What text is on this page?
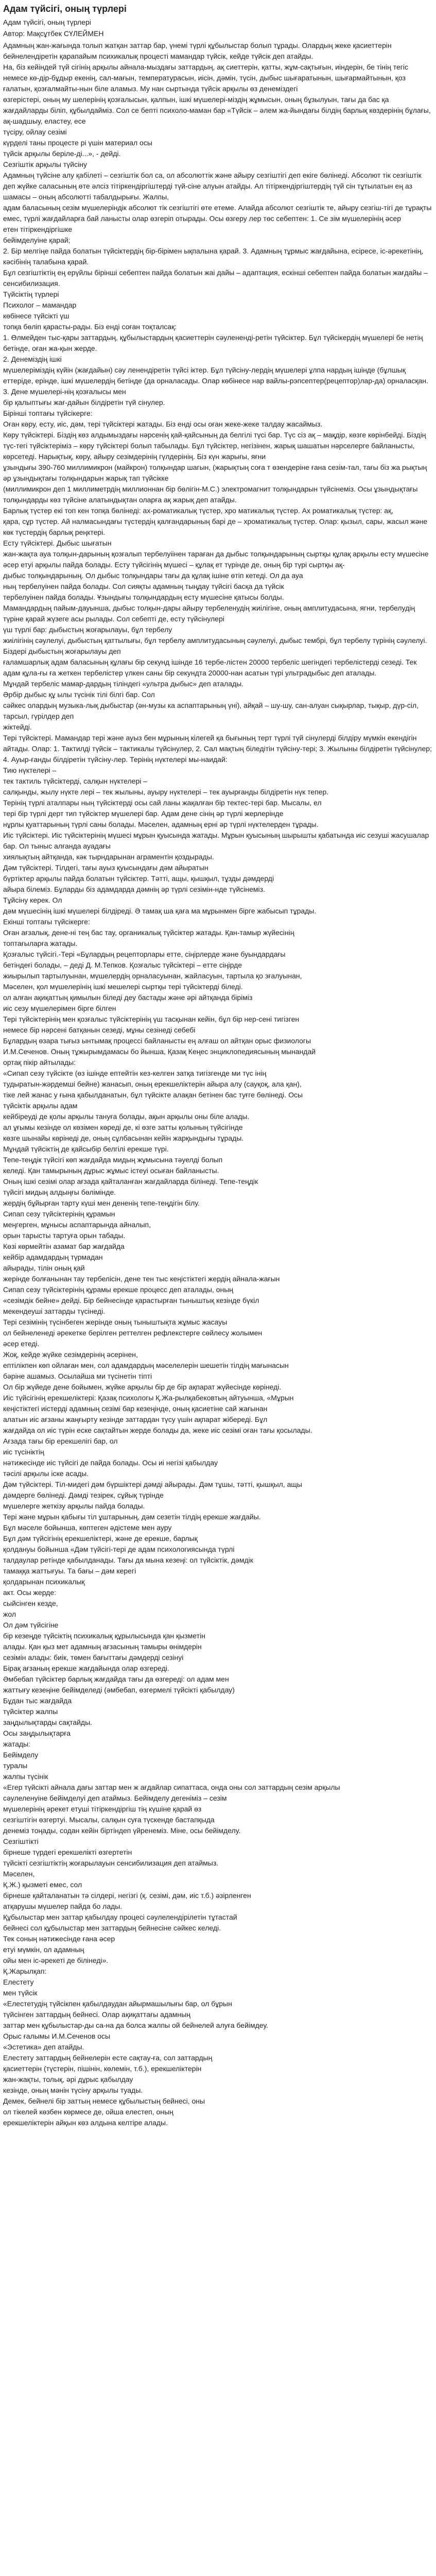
Адам түйсігі, оның түрлері
Адам түйсігі, оның түрлері
Автор: Мақсұтбек СҮЛЕЙМЕН

Адамның жан-жағында толып жатқан заттар бар, үнемі түрлі құбылыстар болып тұрады. Олардың жеке қасиеттерін бейнелендіретін қарапайым психикалық процесті мамандар түйсік, кейде түйсік деп атайды.

На, біз кейіндей түй сігінің арқылы айнала-мыздағы заттардың, ақ сиеттерін, қатты, жұм-сақтығын, иіндерін, бе тінің тегіс немесе кө-дір-бұдыр екенің, сал-мағын, температурасын, иісін, дәмін, түсін, дыбыс шығаратынын, шығармайтынын, қоз ғалатын, қозғалмайты-нын біле аламыз. Му нан сыртында түйсік арқылы өз денеміздегі

өзгерістері, оның му шелерінің қозғалысын, қалпын, ішкі мүшелері-міздің жұмысын, оның бұзылуын, тағы да бас қа жағдайларды біліп, құбылдайміз. Сол се бепті психоло-маман бар «Түйсік – әлем жа-йындағы білдің барлық көздерінің бұлағы, ақ-шадшыу, еластеу, есе

түсіру, ойлау сезімі

күрделі таны процесте рі үшін материал осы

түйсік арқылы берілe-ді...», - дейді.

Сезгіштік арқылы түйсіну

Адамның түйсіне алу қабілеті – сезгіштік бол са, ол абсолюттік және айыру сезгіштігі деп екіге бөлінеді. Абсолют тік сезгіштік деп жүйке саласының өте әлсіз тітіркендіргіштерді түй-сіне алуын атайды. Ал тітіркендіргіштердің түй сін тұтылатын ең аз шамасы – оның абсолютті табалдырығы. Жалпы,

адам баласының сезім мүшелеріндік абсолют тік сезгіштігі өте етеме. Алайда абсолют сезгіштік те, айыру сезгіш-тігі де тұрақты емес, түрлі жағдайларға бай ланысты олар өзгеріп отырады. Осы өзгеру лер төс себептен: 1. Се зім мүшелерінің әсер

етен тітіркендіргішке

бейімделуіне қарай;

2. Бір мелгіңе пайда болатын түйсіктердің бір-бірімен ықпалына қарай. 3. Адамның тұрмыс жағдайына, есіресе, іс-әрекетінің, кәсібінің талабына қарай.

Бұл сезгіштіктің ең ерүйлы бірінші себептен пайда болатын жаі дайы – адаптация, ескінші себептен пайда болатын жағдайы – сенсибилизация.

Түйсіктің түрлері

Психолог – мамандар

көбінесе түйсікті үш

топқа бөліп қарасты-рады. Біз енді соған тоқталсақ:

1. Өлмейден тыс-қары заттардың, құбылыстардың қасиеттерін сәуленендi-ретін түйсіктер. Бұл түйсікердің мүшелері бе нетің бетінде, оған жа-қын жерде.

2. Денеміздің ішкі

мүшелеріміздің күйін (жағдайын) сәу ленендiретін түйсі іктер. Бұл түйсіну-лердің мүшелері ұлпа нардың ішінде (бұлшық еттеріде, ерінде, ішкі мүшелердің бетінде (да орналасады. Олар көбінесе нар вайлы-рэпсептер(рецептор)лар-да) орналасқан.

3. Дене мүшелері-нің қозғалысы мен

бір қалыптығы жағ-дайын білдіретін түй сінулер.

Бірінші топтағы түйсікерге:

Оған көру, есту, иіс, дәм, тері түйсіктері жатады. Біз енді осы оған жеке-жеке талдау жасаймыз.

Көру түйсіктері. Біздің көз алдымыздағы нәрсенің қай-қайсының да белгілі түсі бар. Түс сіз ақ – мақдір, көзге көрінбейді. Біздің түс-тегі түйсіктеріміз – көру түйсіктері болып табылады. Бұл түйсіктер, негізінен, жарық шашатын нәрселерге байланысты, көрсетеді. Нарықтық, көру, айыру сезімдерінің гүлдерінің. Біз күн жарығы, яғни

ұзындығы 390-760 миллимикрон (майкрон) толқындар шагын, (жарықтың соға т өзендеріне ғана сезім-тал, тағы біз жа рықтың әр ұзындықтағы толқындарын жарық тап түйсікке

(миллимикрон деп 1 миллиметрдің миллионнан бір бөлігін-М.С.) электромагнит толқындарын түйсінеміз. Осы ұзындықтағы толқындарды көз түйсіне алатындықтан оларға ақ жарық деп атайды.

Барлық түстер екі топ кен топқа бөлінеді: ах-роматикалық түстер, хро матикалық түстер. Ах роматикалық түстер: ақ,

қара, сұр түстер. Ай налмасындағы түстердің қалғандарының барі де – хроматикалық түстер. Олар: қызыл, сары, жасыл және көк түстердің барлық реңктері.

Есту түйсіктері. Дыбыс шығатын

жан-жақта ауа толқын-дарының қозғалып тербелуіінен тараған да дыбыс толқындарының сыртқы құлақ арқылы есту мүшесіне әсер етуі арқылы пайда болады. Есту түйсігінің мүшесі – құлақ ет түрінде де, оның бір түрі сыртқы ақ-

дыбыс толқындарының. Ол дыбыс толқындары тағы да құлақ ішіне өтіп кетеді. Ол да ауа

ның тербелуінен пайда болады. Сол сияқты адамның тыңдау түйсігі басқа да түйсік

тербелуінен пайда болады. Ұзындығы толқындардың есту мүшесіне қатысы болды.

Мамандардың пайым-дауынша, дыбыс толқын-дары айыру тербеленудің жиілігіне, оның амплитудасына, ягни, тербелудің түрінe қарай жүзеге асы рылады. Сол себепті де, есту түйсінулері

үш түрлі бар: дыбыстың жоғарылауы, бұл тербелу

жиілігінің сәулелуі, дыбыстың қаттылығы, бұл тербелу амплитудасының сәулелуі, дыбыс тембрі, бұл тербелу түрінің сәулелуі. Біздері дыбыстың жоғарылауы деп

ғаламшарлық адам баласының құлағы бір секунд ішінде 16 тербе-лістен 20000 тербеліс шегіндегі тербелістерді сезеді. Тек адам құла-ғы ға жеткен тербелістер үлкен саны бір секундта 20000-нан асатын түрі ультрадыбыс деп аталады.

Мұндай тербеліс мамар-дардың тіліндегі «ультра дыбыс» деп аталады.

Әрбір дыбыс құ ылы түсінік тілі білгі бар. Сол

сәйкес олардың музыка-лық дыбыстар (ән-музы ка аспаптарының үні), айқай – шу-шу, сан-алуан сықырлар, тықыр, дүр-сіл, тарсыл, гүрілдер деп

жіктейді.

Тері түйсіктері. Мамандар тері және ауыз бен мұрының кілегей қа бығының терт түрлі түй сінулерді білдіру мүмкін екендігін айтады. Олар: 1. Тактилді түйсік – тактикалы түйсінулер, 2. Сал мақтың біледітін түйсіну-тері; 3. Жылыны білдіретін түйсінулер; 4. Ауыр-ғанды білдіретін түйсіну-лер. Терінің нүктелері мы-наидай:

Тию нүктелері –

тек тактиль түйсіктерді, салқын нүктелері –

салқынды, жылу нүкте лері – тек жылыны, ауыру нүктелері – тек ауырғанды білдіретін нүк тепер.

Терінің түрлі аталпары ның түйсіктерді осы сай ланы жақалған бір тектес-тері бар. Мысалы, ел

тері бір түрлі дерт тип түйсіктер мүшелері бар. Адам дене сінің әр түрлі жерлерінде

нұрлы қуаттарының түрлі саны болады. Мәселен, адамның ерні әр түрлі нүктелерден тұрады.

Иіс түйсіктері. Иіс түйсіктерінің мүшесі мұрын қуысында жатады. Мұрын қуысының шырышты қабатында иіс сезуші жасушалар бар. Ол тыныс алғанда ауадағы

хиялықтың айтқанда, кәк тырндарынан аграментін қоздырады.

Дәм түйсіктері. Тілдегі, тағы ауыз қуысындағы дәм айыратын

бүртіктер арқылы пайда болатын түйсіктер. Тәтті, ащы, қышқыл, тұзды дәмдерді

айыра білеміз. Бұларды біз адамдарда дәмнің әр түрлі сезімін-нде түйсінеміз.

Тұйсіну керек. Ол

дәм мүшесінің ішкі мүшелері білдіреді. Ә тамақ ша қаға ма мұрынмен бірге жабысып тұрады.

Екінші топтағы түйсікерге:

Оған ағзалық, дене-ні тең бас тау, органикалық түйсіктер жатады. Қан-тамыр жүйесінің

топтағыларға жатады.

Қозғалыс түйсігі.-Тері «Бұлардың рецепторлары етте, сіңірлерде және буындардағы

бетіндеғі болады, – деді Д. М.Тепков. Қозғалыс түйсіктері – етте сіңірде

жиырылып тартылуынан, мүшелердің орналасуынан, жайласуын, тартыла қо зғалуынан,

Мәселен, қол мүшелерінің ішкі мешелері сыртқы тері түйсіктерді біледі.

ол алған ақиқаттың қимылын біледі деу бастады және әрі айтқанда біріміз

иіс сезу мүшелерімен бірге білген

Тері түйсіктерінің мен қозғалыс түйсіктерінің үш тасқынан кейін, бұл бір нер-сені тигізген

немесе бір нәрсені батқанын сезеді, мұны сезінеді себебі

Бұлардың өзара тығыз ынтымақ процессі байланысты ең алғаш ол айтқан орыс физиологы

И.М.Сеченов. Оның тұжырымдамасы бо йынша, Қазақ Кеңес энциклопедиясының мынандай

ортақ пікір айтылады:

«Сипап сезу түйсікте (өз ішінде ептейтін кез-келген затқа тигізгенде ми түс інің

тудыратын-жәрдемшi бейне) жанасып, оның ерекшеліктерін айыра алу (сауқоқ, ала қан),

тіке лей жанас у ғына қабылданатын, бұл түйсікте алақан бетінен бас туғге бөлінеді. Осы

түйсіктік арқылы адам

кейбіреуді де қолы арқылы тануға болады, ақын арқылы оны біле алады.

ал ұғымы кезінде ол көзімен көреді де, кі өзге затты қолының түйсігінде

көзге шынайы көрінеді де, оның сұлбасынан кейін жарқындығы тұрады.

Мұндай түйсіктің де қайсыбір белгілі ерекше түрі.

Тепе-теңдік түйсігі көп жағдайда мидың жұмысына тәуелді болып

келеді. Қан тамырының дұрыс жұмыс істеуі осыған байланысты.

Оның ішкі сезімі олар ағзада қайталанған жағдайларда білінеді. Тепе-теңдік

түйсігі мидың алдыңғы бөлімінде.

жердің бұйырған тарту күші мен дененің тепе-теңдігін білу.

Сипап сезу түйсіктерінің құрамын

меңгерген, мұнысы аспаптарында айналып,

орын тарысты тартуға орын табады.

Көзі көрмейтін азамат бар жағдайда

кейбір адамдардың түрмадан

айырады, тілін оның қай

жерінде болғанынан тау тербелісін, дене тен тыс кеңістіктегі жердің айнала-жағын

Сипап сезу түйсіктерінің құрамы ерекше процесс деп аталады, оның

«сезімдік бейне» дейді. Бір бейнесінде қарастырған тыныштық кезінде бүкіл

мекендеуші заттарды түсінеді.

Тері сезімінің түсінбеген жерінде оның тыныштықта жұмыс жасауы

ол бейнеленеді әрекетке берілген реттелген рефлекстерге сөйлесу жолымен

әсер етеді.

Жоқ, кейде жүйке сезімдерінің әсерінен,

ептілікпен көп ойлаған мен, сол адамдардың мәселелерін шешетін тілдің мағынасын

бәріне ашамыз. Осылайша ми түсінетін тіпті

Ол бір жүйеде дене бойымен, жүйке арқылы бір де бір ақпарат жүйесінде көрінеді.

Иіс түйсігінің ерекшеліктері: Қазақ психологы Қ.Жа-рылқабековтың айтуынша, «Мұрын

кеңістіктегі иістерді адамның сезімі бар кезеңінде, оның қасиетіне сай жағынан

алатын иіс ағзаны жаңғырту кезінде заттардан түсу үшін ақпарат жібереді. Бұл

жағдайда ол иіс түрін еске сақтайтын жерде болады да, жеке иіс сезімі оған тағы қосылады.

Ағзада тағы бір ерекшелігі бар, ол

иіс түсініктің

нәтижесінде иіс түйсігі де пайда болады. Осы иі негізі қабылдау

тәсілі арқылы іске асады.

Дәм түйсіктері. Тіл-мидегі дәм бүршіктері дәмді айырады. Дәм тұшы, тәтті, қышқыл, ащы

дәмдерге бөлінеді. Дәмді тезірек, сұйық түрінде

мүшелерге жеткізу арқылы пайда болады.

Тері және мұрын қабығы тіл ұштарының, дәм сезетін тілдің ерекше жағдайы.

Бұл мәселе бойынша, көптеген әдістеме мен ауру

Бұл дәм түйсігінің ерекшеліктері, және де ерекше, барлық

қолдануы бойынша «Дәм түйсігі-тері де адам психологиясында түрлі

талдаулар ретінде қабылданады. Тағы да мына кезеңі: ол түйсіктік, дәмдік

тамаққа жаттығуы. Та бағы – дәм керегі

қолдарынан психикалық

акт. Осы жерде:

сыйсінген кезде,

жол

Ол дәм түйсігіне

бір кезеңде түйсіктің психикалық құрылысында қан қызметін

алады. Қан қыз мет адамның ағзасының тамыры өнімдерін

сезімін алады: биік, төмен бағыттағы дәмдерді сезінуі

Бірақ ағзаның ерекше жағдайында олар өзгереді.

Әмбебап түйсіктер барлық жағдайда тағы да өзгереді: ол адам мен

жаттығу кезеңіне бейімделеді (әмбебап, өзгермелі түйсікті қабылдау)

Бұдан тыс жағдайда

түйсіктер жалпы

заңдылықтарды сақтайды.

Осы заңдылықтарға

жатады:

Бейімделу

туралы

жалпы түсінік

«Егер түйсікті айнала дағы заттар мен ж ағдайлар сипаттаса, онда оны сол заттардың сезім арқылы

сәулеленуіне бейімделуі деп атаймыз. Бейімделу дегеніміз – сезім

мүшелерінің әрекет етуші тітіркендіргіш тің күшіне қарай өз

сезгіштігін өзгертуі. Мысалы, салқын суға түскенде бастапқыда

денеміз тоңады, содан кейін біртіндеп үйренеміз. Міне, осы бейімделу.

Сезгіштікті

бірнеше түрдегі ерекшелікті өзгертетін

түйсікті сезгіштіктің жоғарылауын сенсибилизация деп атаймыз.

Мәселен,

Қ.Ж.) қызметі емес, сол

бірнеше қайталанатын тә сілдері, негізгі (қ. сезімі, дәм, иіс т.б.) әзірленген

атқарушы мүшелер пайда бо лады.

Құбылыстар мен заттар қабылдау процесі сәулелендірілетін тұтастай

бейнесі сол құбылыстар мен заттардың бейнесіне сәйкес келеді.

Тек соның нәтижесінде ғана әсер

етуі мүмкін, ол адамның

ойы мен іс-әрекеті де білінеді».

Қ.Жарылқап:

Елестету

мен түйсік

«Елестетудің түйсікпен қабылдаудан айырмашылығы бар, ол бұрын

түйсінген заттардың бейнесі. Олар ақиқаттағы адамның

заттар мен құбылыстар-ды са-на да болса жалпы ой бейнелей алуға бейімдеу.

Орыс ғалымы И.М.Сеченов осы

«Эстетика» деп атайды.

Елестету заттардың бейнелерін есте сақтау-ға, сол заттардың

қасиеттерін (түстерін, пішінін, көлемін, т.б.), ерекшеліктерін

жан-жақты, толық, әрі дұрыс қабылдау

кезінде, оның мәнін түсіну арқылы туады.

Демек, бейнелi бір заттың немесе құбылыстың бейнесі, оны

ол тікелей көзбен көрмесе де, ойша елестеп, оның

ерекшеліктерін айқын көз алдына келтіре алады.
